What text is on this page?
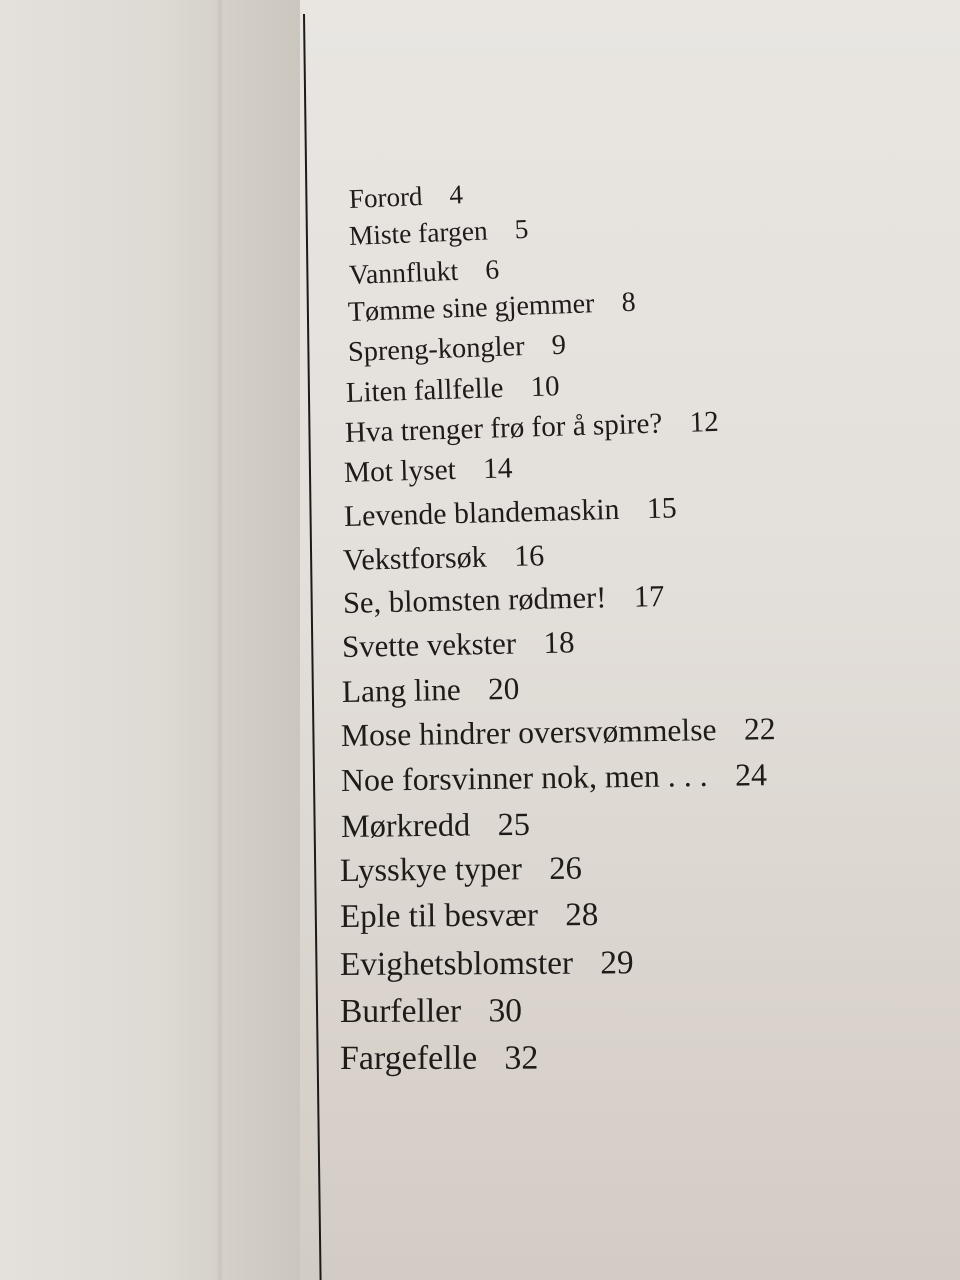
Forord 4
Miste fargen 5
Vannflukt 6
Tømme sine gjemmer 8
Spreng-kongler 9
Liten fallfelle 10
Hva trenger frø for å spire? 12
Mot lyset 14
Levende blandemaskin 15
Vekstforsøk 16
Se, blomsten rødmer! 17
Svette vekster 18
Lang line 20
Mose hindrer oversvømmelse 22
Noe forsvinner nok, men . . . 24
Mørkredd 25
Lysskye typer 26
Eple til besvær 28
Evighetsblomster 29
Burfeller 30
Fargefelle 32
